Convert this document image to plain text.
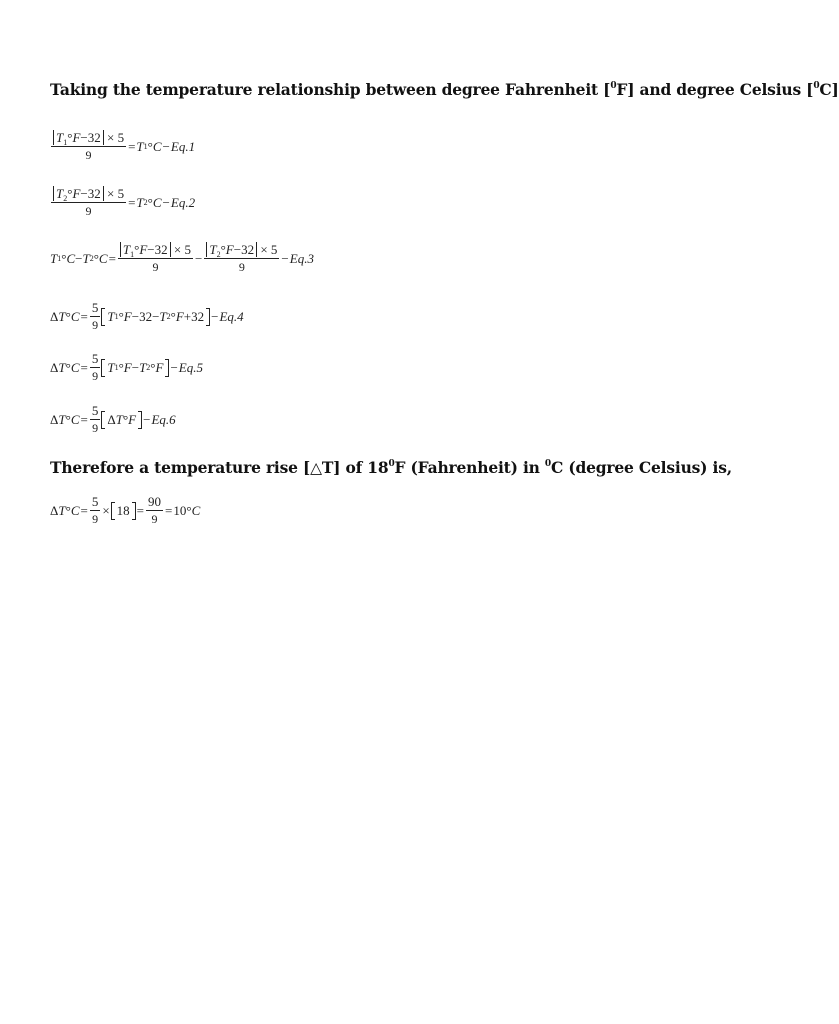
Taking the temperature relationship between degree Fahrenheit [$^0$F] and degree Celsius [$^0$C]

$\frac{T_1^\circ F-32 \times 5}{9} = T$ 1 ° C − Eq.1
$\frac{T_2^\circ F-32 \times 5}{9} = T$ 2 ° C − Eq.2
T 1 ° C − T 2 ° $C = \frac{T_1^\circ F-32 \times 5}{9} - \frac{T_2^\circ F-32 \times 5}{9} - Eq.3$
Δ T ° $C = \frac{5}{9}$ T 1 ° F − 32 − T 2 ° F + 32 − Eq.4
Δ T ° $C = \frac{5}{9}$ T 1 ° F − T 2 ° F − Eq.5
Δ T ° $C = \frac{5}{9}$ Δ T ° F − Eq.6

Therefore a temperature rise [△T] of $18^0F$ (Fahrenheit) in $^0$C (degree Celsius) is,

Δ T ° $C = \frac{5}{9} \times 18 = \frac{90}{9} = 10$ ° C
